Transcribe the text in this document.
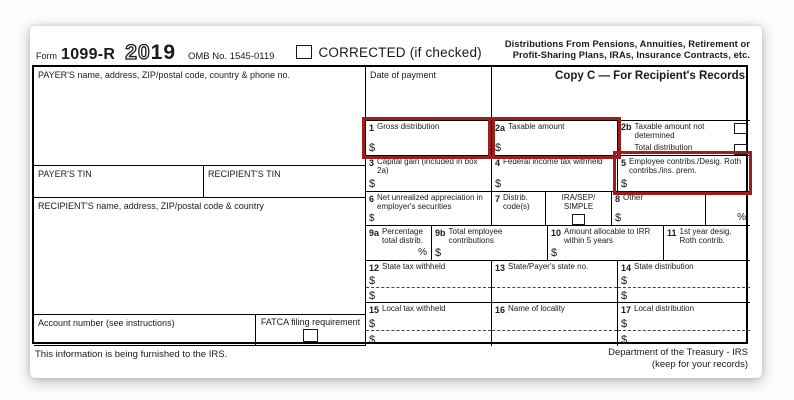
Form 1099-R 2019 OMB No. 1545-0119	CORRECTED (if checked)
Distributions From Pensions, Annuities, Retirement or
Profit-Sharing Plans, IRAs, Insurance Contracts, etc.
PAYER'S name, address, ZIP/postal code, country & phone no.
PAYER'S TIN	RECIPIENT'S TIN
RECIPIENT'S name, address, ZIP/postal code & country
Account number (see instructions)	FATCA filing requirement
Date of payment	Copy C — For Recipient's Records
1 Gross distribution
$
2a Taxable amount
$
2b Taxable amount not determined
Total distribution
3 Capital gain (included in box 2a)
$
4 Federal income tax withheld
$
5 Employee contribs./Desig. Roth contribs./ins. prem.
$
6 Net unrealized appreciation in employer's securities
$
7 Distrib. code(s)
IRA/SEP/ SIMPLE
8 Other
$	%
9a Percentage total distrib.
%
9b Total employee contributions
$
10 Amount allocable to IRR within 5 years
$
11 1st year desig. Roth contrib.
12 State tax withheld
$
$
13 State/Payer's state no.	14 State distribution
$
$
15 Local tax withheld
$
$
16 Name of locality	17 Local distribution
$
$
This information is being furnished to the IRS.	Department of the Treasury - IRS
(keep for your records)
